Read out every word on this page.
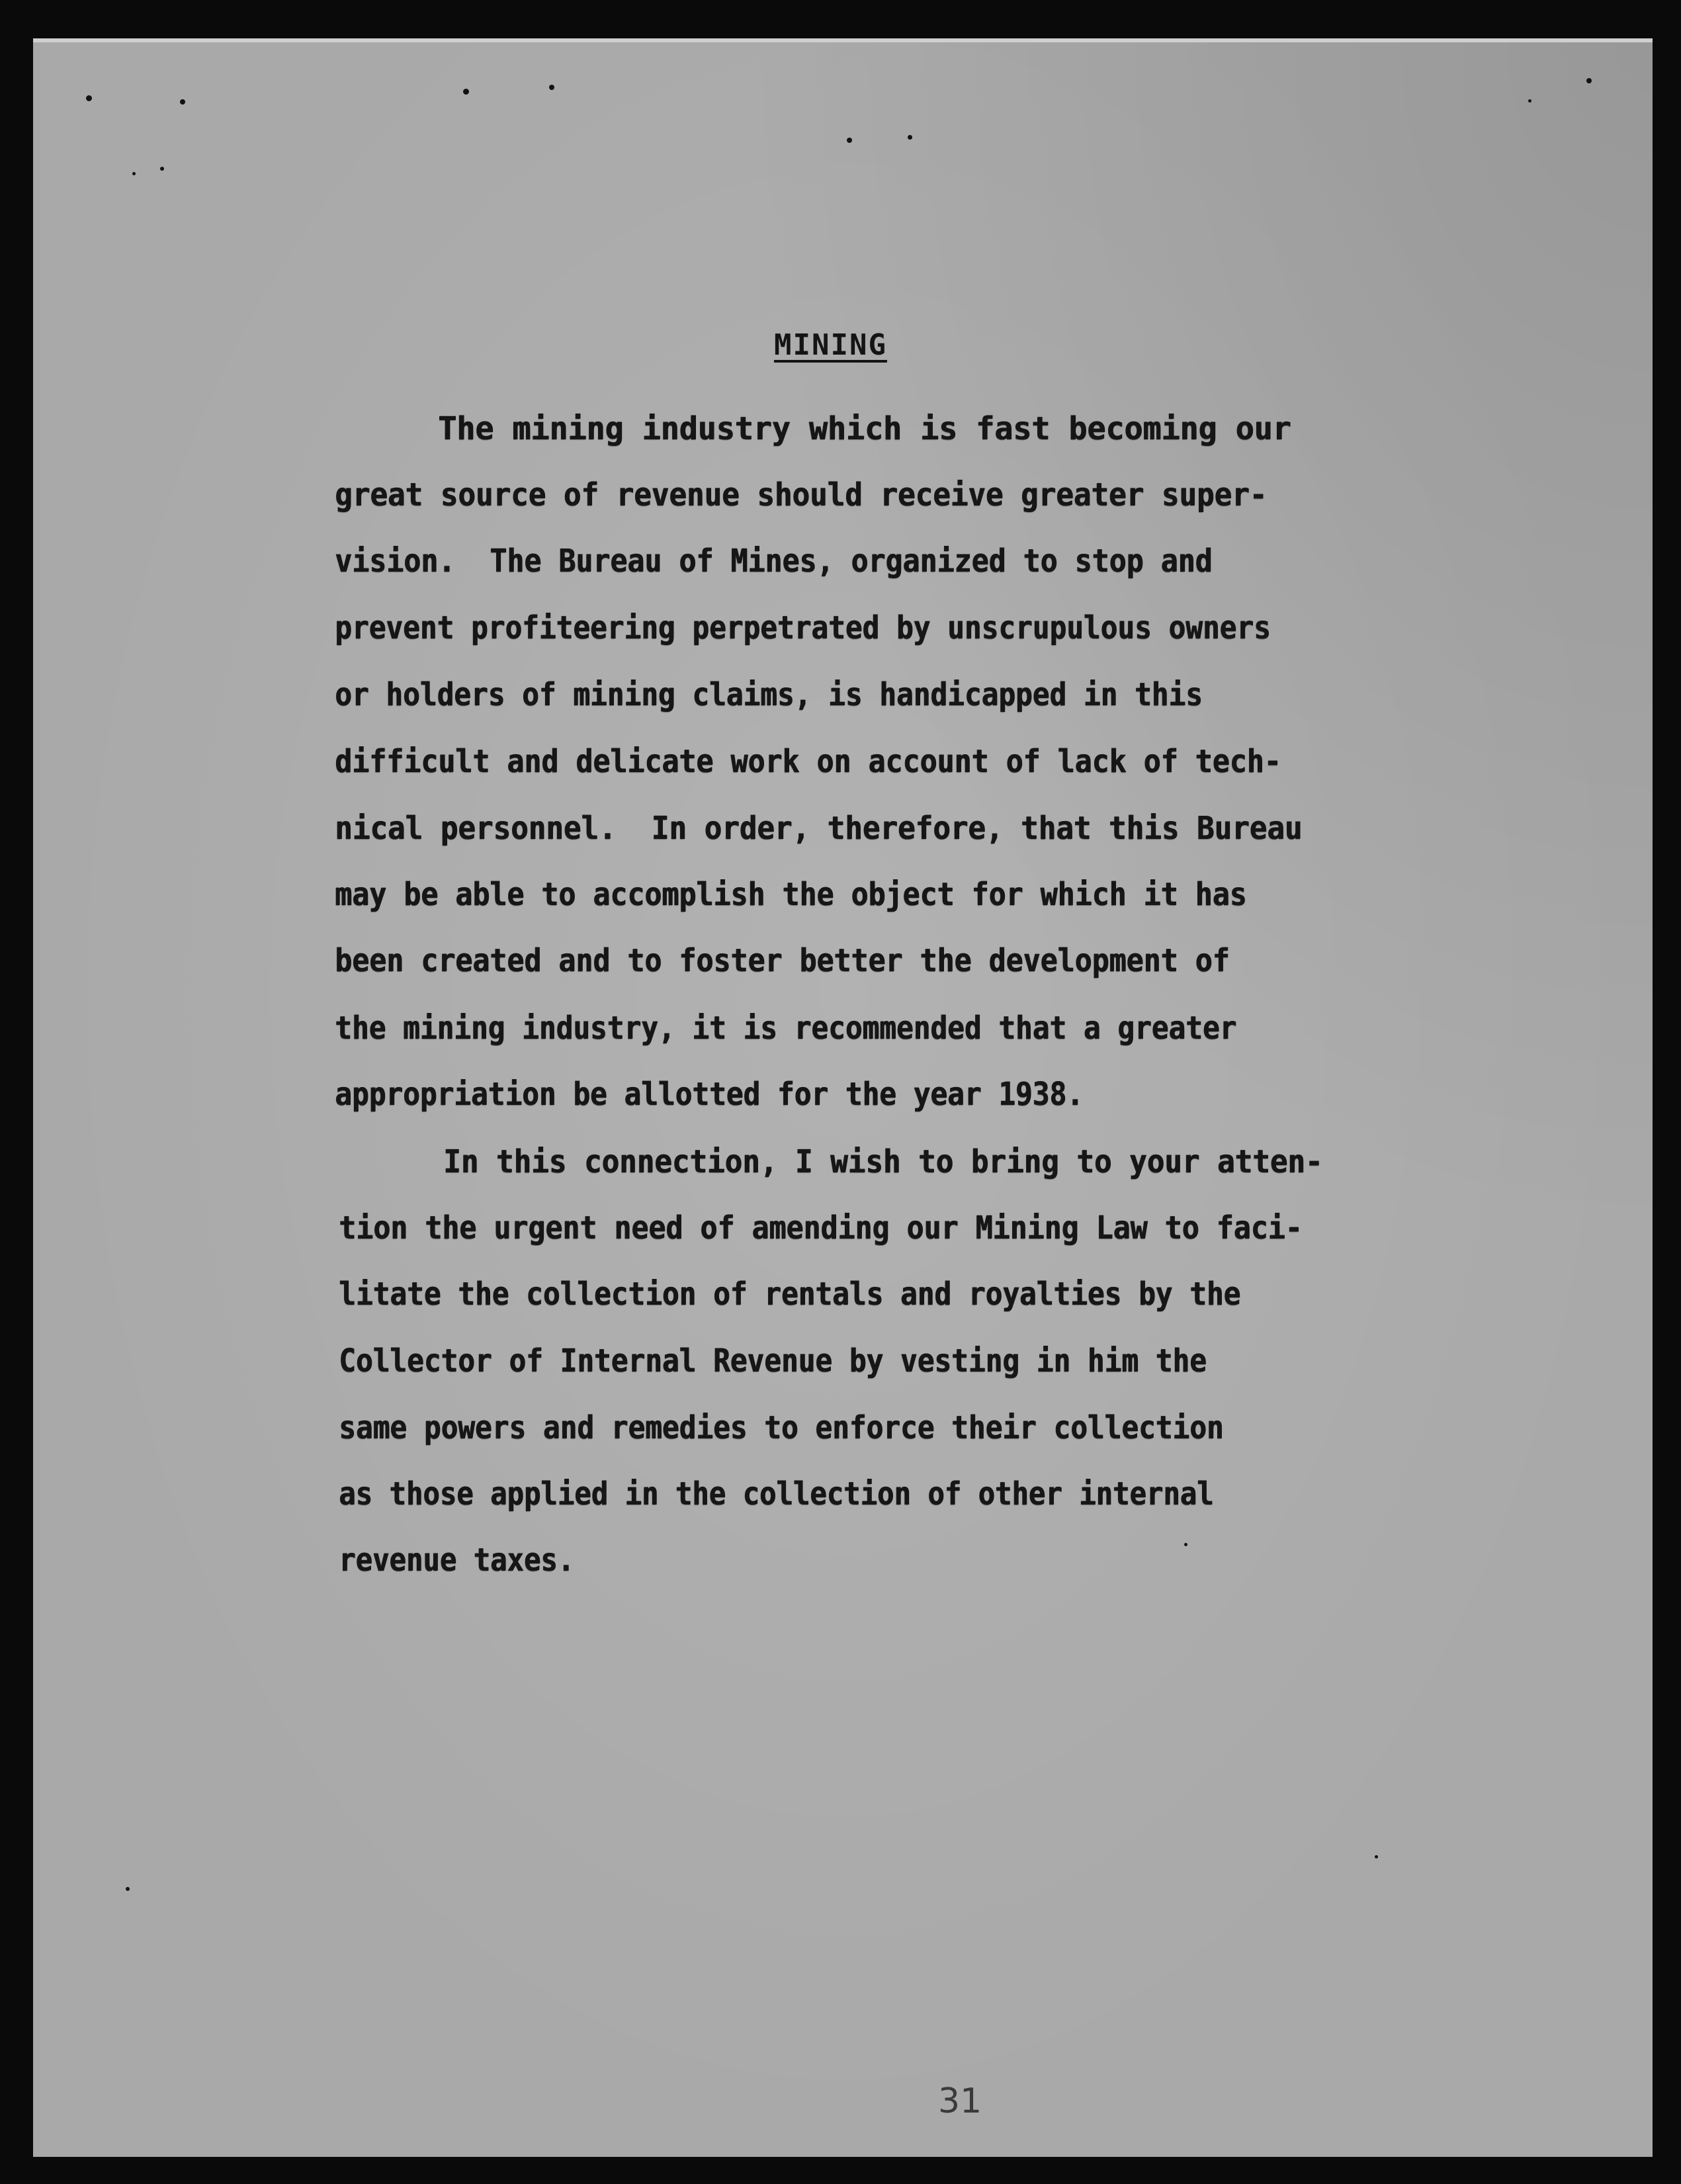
MINING
The mining industry which is fast becoming our
great source of revenue should receive greater super-
vision.  The Bureau of Mines, organized to stop and
prevent profiteering perpetrated by unscrupulous owners
or holders of mining claims, is handicapped in this
difficult and delicate work on account of lack of tech-
nical personnel.  In order, therefore, that this Bureau
may be able to accomplish the object for which it has
been created and to foster better the development of
the mining industry, it is recommended that a greater
appropriation be allotted for the year 1938.
In this connection, I wish to bring to your atten-
tion the urgent need of amending our Mining Law to faci-
litate the collection of rentals and royalties by the
Collector of Internal Revenue by vesting in him the
same powers and remedies to enforce their collection
as those applied in the collection of other internal
revenue taxes.
31
